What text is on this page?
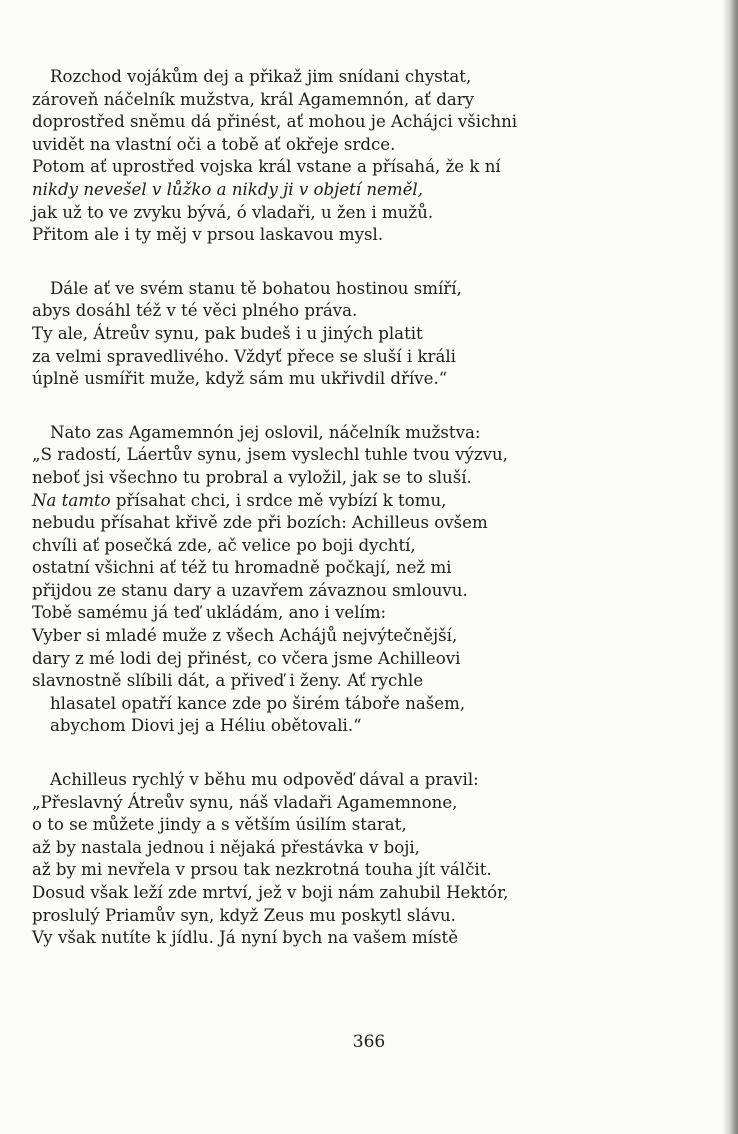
Rozchod vojákům dej a přikaž jim snídani chystat,
zároveň náčelník mužstva, král Agamemnón, ať dary
doprostřed sněmu dá přinést, ať mohou je Achájci všichni
uvidět na vlastní oči a tobě ať okřeje srdce.
Potom ať uprostřed vojska král vstane a přísahá, že k ní
nikdy nevešel v lůžko a nikdy ji v objetí neměl,
jak už to ve zvyku bývá, ó vladaři, u žen i mužů.
Přitom ale i ty měj v prsou laskavou mysl.
Dále ať ve svém stanu tě bohatou hostinou smíří,
abys dosáhl též v té věci plného práva.
Ty ale, Átreův synu, pak budeš i u jiných platit
za velmi spravedlivého. Vždyť přece se sluší i králi
úplně usmířit muže, když sám mu ukřivdil dříve.“
Nato zas Agamemnón jej oslovil, náčelník mužstva:
„S radostí, Láertův synu, jsem vyslechl tuhle tvou výzvu,
neboť jsi všechno tu probral a vyložil, jak se to sluší.
Na tamto přísahat chci, i srdce mě vybízí k tomu,
nebudu přísahat křivě zde při bozích: Achilleus ovšem
chvíli ať posečká zde, ač velice po boji dychtí,
ostatní všichni ať též tu hromadně počkají, než mi
přijdou ze stanu dary a uzavřem závaznou smlouvu.
Tobě samému já teď ukládám, ano i velím:
Vyber si mladé muže z všech Achájů nejvýtečnější,
dary z mé lodi dej přinést, co včera jsme Achilleovi
slavnostně slíbili dát, a přiveď i ženy. Ať rychle
hlasatel opatří kance zde po širém táboře našem,
abychom Diovi jej a Héliu obětovali.“
Achilleus rychlý v běhu mu odpověď dával a pravil:
„Přeslavný Átreův synu, náš vladaři Agamemnone,
o to se můžete jindy a s větším úsilím starat,
až by nastala jednou i nějaká přestávka v boji,
až by mi nevřela v prsou tak nezkrotná touha jít válčit.
Dosud však leží zde mrtví, jež v boji nám zahubil Hektór,
proslulý Priamův syn, když Zeus mu poskytl slávu.
Vy však nutíte k jídlu. Já nyní bych na vašem místě
366
